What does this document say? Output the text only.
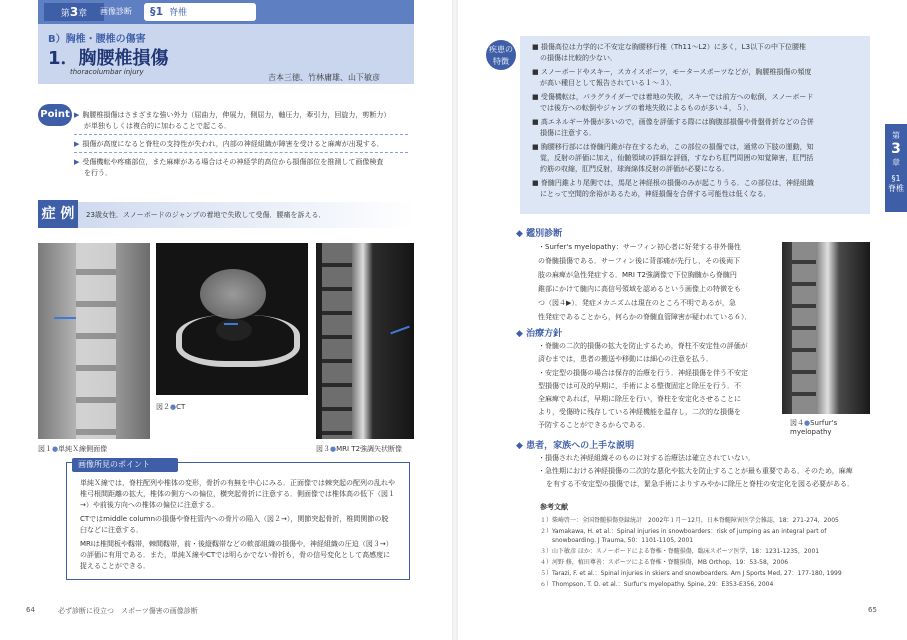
第3章	画像診断	§1 脊椎
B）胸椎・腰椎の傷害
1．胸腰椎損傷
thoracolumbar injury
吉本三徳、竹林庸雄、山下敏彦
Point ▶ 胸腰椎損傷はさまざまな強い外力（屈曲力，伸展力，側屈力，軸圧力，牽引力，回旋力，剪断力）
が単独もしくは複合的に加わることで起こる．
▶ 損傷が高度になると脊柱の支持性が失われ，内部の神経組織が障害を受けると麻痺が出現する．
▶ 受傷機転や疼痛部位，また麻痺がある場合はその神経学的高位から損傷部位を推測して画像検査
を行う．
症 例	23歳女性．スノーボードのジャンプの着地で失敗して受傷．腰痛を訴える．
図１●単純Ｘ線側面像
図２●CT
図３●MRI T2強調矢状断像
画像所見のポイント
単純Ｘ線では，脊柱配列や椎体の変形，骨折の有無を中心にみる．正面像では棘突起の配列の乱れや
椎弓根間距離の拡大，椎体の側方への偏位，横突起骨折に注意する．側面像では椎体高の低下（図１
→）や前後方向への椎体の偏位に注意する．
CTではmiddle columnの損傷や脊柱管内への骨片の陥入（図２→），関節突起骨折，椎間関節の脱
臼などに注意する．
MRIは椎間板や靱帯，棘間靱帯，前・後縦靱帯などの軟部組織の損傷や，神経組織の圧迫（図３→）
の評価に有用である．また，単純Ｘ線やCTでは明らかでない骨折も，骨の信号変化として高感度に
捉えることができる．
64	必ず診断に役立つ　スポーツ傷害の画像診断
疾患の
特徴
■ 損傷高位は力学的に不安定な胸腰移行椎（Th11～L2）に多く，L3以下の中下位腰椎
の損傷は比較的少ない．
■ スノーボードやスキー，スカイスポーツ，モータースポーツなどが，胸腰椎損傷の頻度
が高い種目として報告されている１～３）．
■ 受傷機転は，パラグライダーでは着地の失敗，スキーでは前方への転倒，スノーボード
では後方への転倒やジャンプの着地失敗によるものが多い４，５）．
■ 高エネルギー外傷が多いので，画像を評価する際には胸腹部損傷や骨盤骨折などの合併
損傷に注意する．
■ 胸腰移行部には脊髄円錐が存在するため，この部位の損傷では，通常の下肢の運動，知
覚，反射の評価に加え，仙髄領域の詳細な評価，すなわち肛門周囲の知覚障害，肛門括
約筋の収縮，肛門反射，球海綿体反射の評価が必要になる．
■ 脊髄円錐より尾側では，馬尾と神経根の損傷のみが起こりうる．この部位は，神経組織
にとって空間的余裕があるため，神経損傷を合併する可能性は低くなる．
第
3
章
§1
脊椎
◆ 鑑別診断
・Surfer's myelopathy：サーフィン初心者に好発する非外傷性
の脊髄損傷である．サーフィン後に背部痛が先行し，その後両下
肢の麻痺が急性発症する．MRI T2強調像で下位胸髄から脊髄円
錐部にかけて髄内に高信号領域を認めるという画像上の特徴をも
つ（図４▶）．発症メカニズムは現在のところ不明であるが，急
性発症であることから，何らかの脊髄血管障害が疑われている６）．
図４●Surfur's myelopathy
◆ 治療方針
・脊髄の二次的損傷の拡大を防止するため，脊柱不安定性の評価が
済むまでは，患者の搬送や移動には細心の注意を払う．
・安定型の損傷の場合は保存的治療を行う．神経損傷を伴う不安定
型損傷では可及的早期に，手術による整復固定と除圧を行う．不
全麻痺であれば，早期に除圧を行い，脊柱を安定化させることに
より，受傷時に残存している神経機能を温存し，二次的な損傷を
予防することができるからである．
◆ 患者，家族への上手な説明
・損傷された神経組織そのものに対する治療法は確立されていない．
・急性期における神経損傷の二次的な悪化や拡大を防止することが最も重要である．そのため，麻痺
を有する不安定型の損傷では，緊急手術によりすみやかに除圧と脊柱の安定化を図る必要がある．
参考文献
１）柴崎啓一：全国脊髄損傷登録統計　2002年１月～12月，日本脊髄障害医学会雑誌，18：271-274，2005
２）Yamakawa, H. et al.：Spinal injuries in snowboarders：risk of jumping as an integral part of
　　snowboarding. J Trauma, 50：1101-1105, 2001
３）山下敏彦 ほか：スノーボードによる脊椎・脊髄損傷，臨床スポーツ医学，18：1231-1235，2001
４）河野 修，植田尊善：スポーツによる脊椎・脊髄損傷，MB Orthop，19：53-58，2006
５）Tarazi, F. et al.：Spinal injuries in skiers and snowboarders. Am J Sports Med, 27：177-180, 1999
６）Thompson, T. D. et al.：Surfur's myelopathy. Spine, 29：E353-E356, 2004
65
